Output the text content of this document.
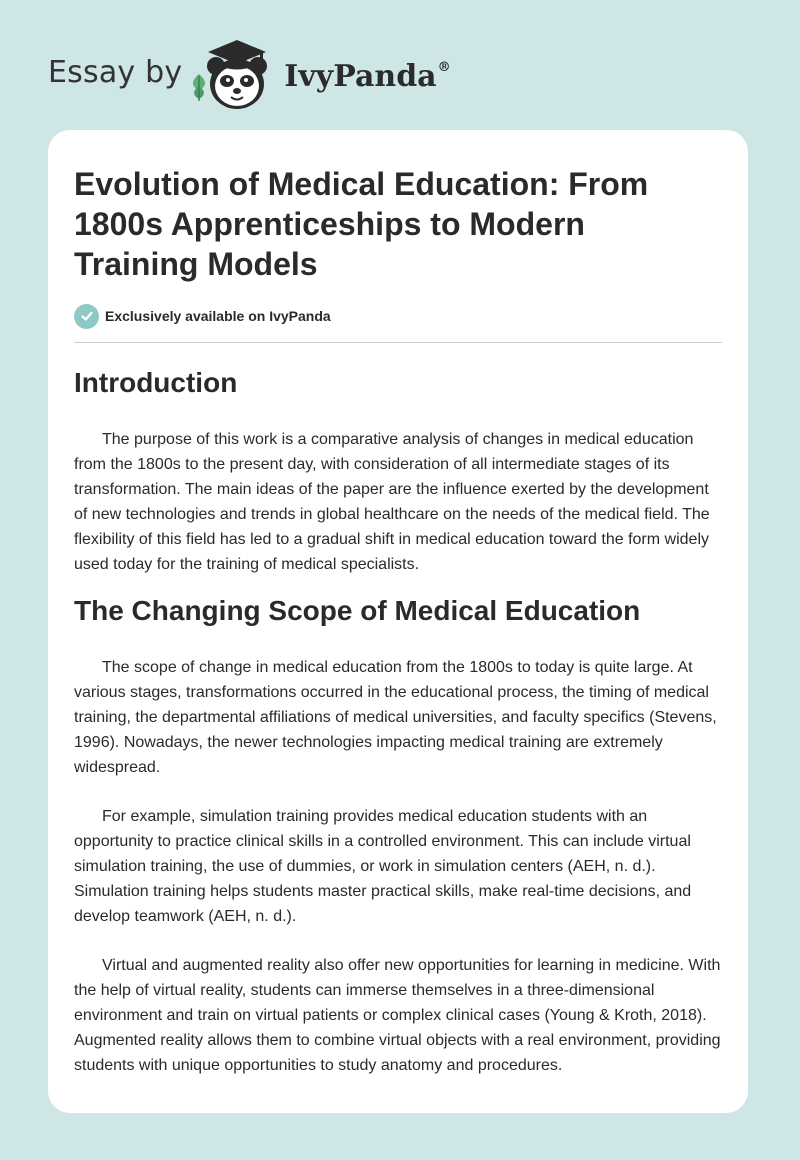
Essay by	IvyPanda®
Evolution of Medical Education: From 1800s Apprenticeships to Modern Training Models
Exclusively available on IvyPanda
Introduction

The purpose of this work is a comparative analysis of changes in medical education from the 1800s to the present day, with consideration of all intermediate stages of its transformation. The main ideas of the paper are the influence exerted by the development of new technologies and trends in global healthcare on the needs of the medical field. The flexibility of this field has led to a gradual shift in medical education toward the form widely used today for the training of medical specialists.

The Changing Scope of Medical Education

The scope of change in medical education from the 1800s to today is quite large. At various stages, transformations occurred in the educational process, the timing of medical training, the departmental affiliations of medical universities, and faculty specifics (Stevens, 1996). Nowadays, the newer technologies impacting medical training are extremely widespread.

For example, simulation training provides medical education students with an opportunity to practice clinical skills in a controlled environment. This can include virtual simulation training, the use of dummies, or work in simulation centers (AEH, n. d.). Simulation training helps students master practical skills, make real-time decisions, and develop teamwork (AEH, n. d.).

Virtual and augmented reality also offer new opportunities for learning in medicine. With the help of virtual reality, students can immerse themselves in a three-dimensional environment and train on virtual patients or complex clinical cases (Young & Kroth, 2018). Augmented reality allows them to combine virtual objects with a real environment, providing students with unique opportunities to study anatomy and procedures.
